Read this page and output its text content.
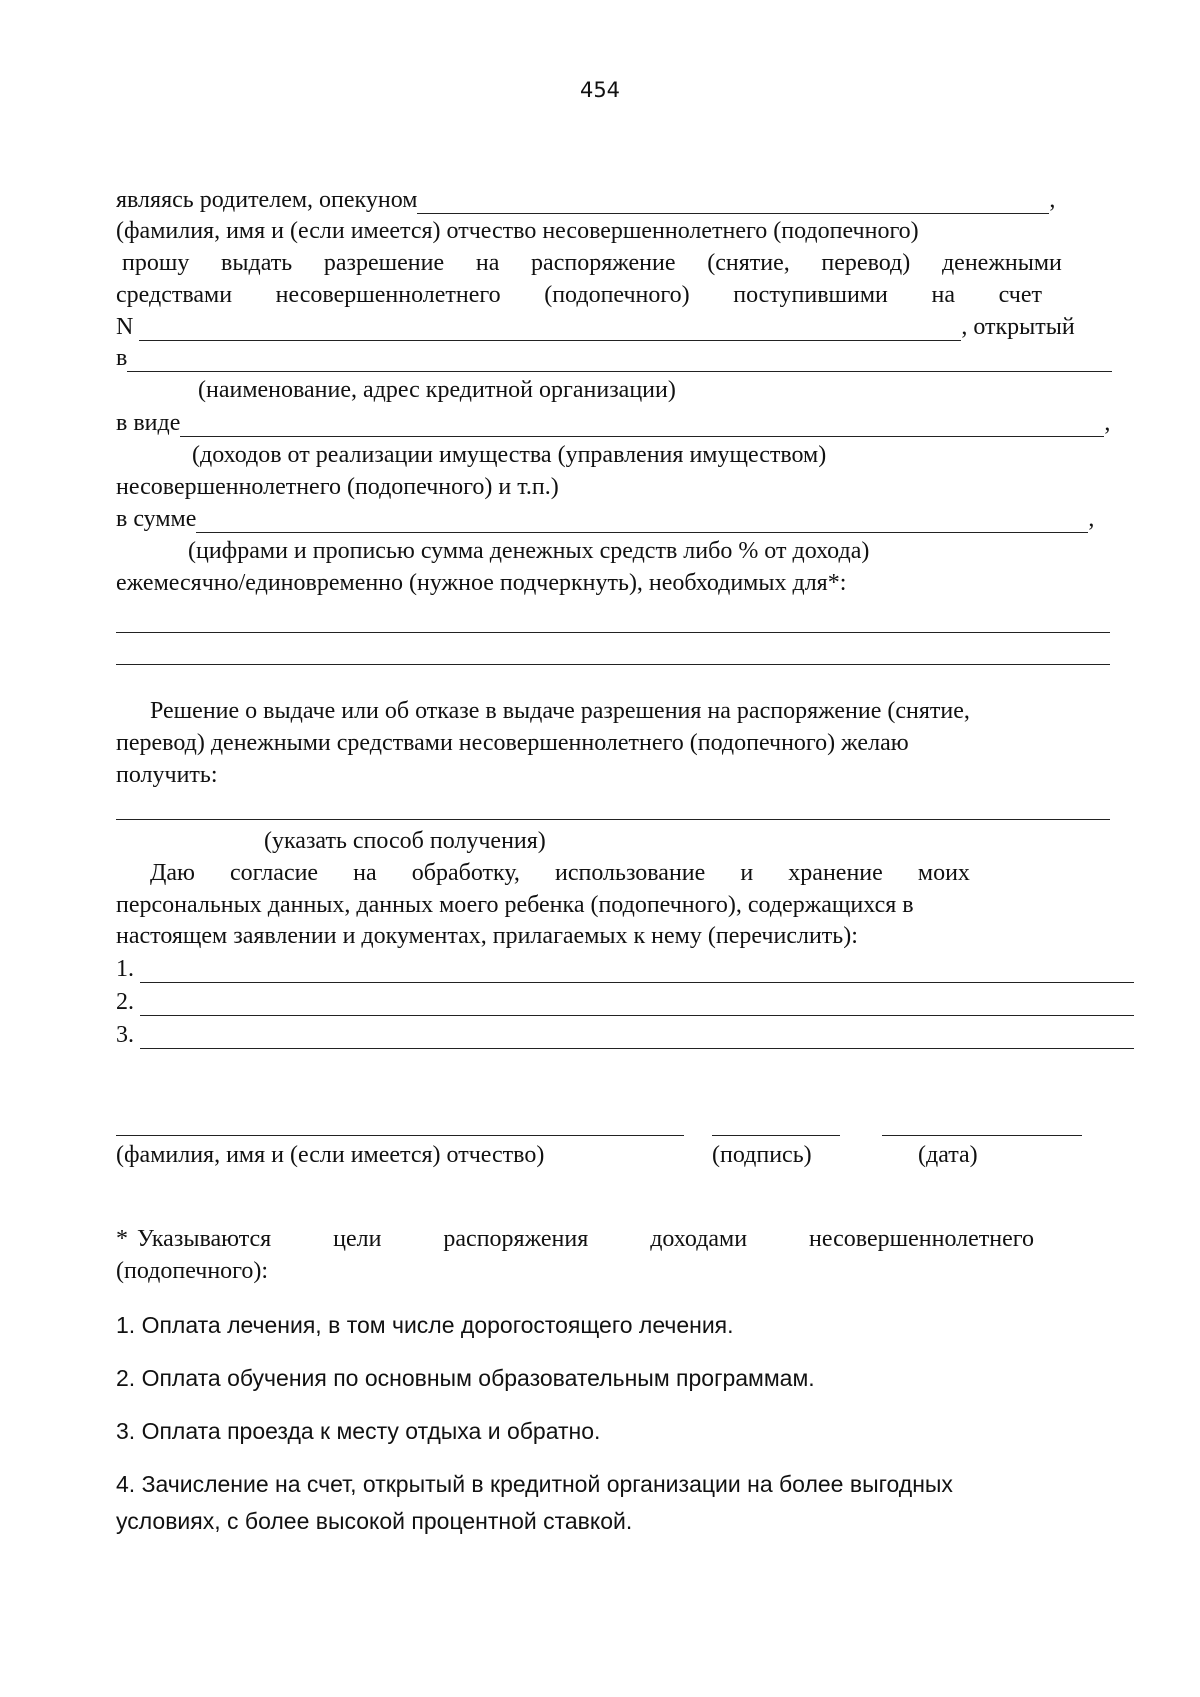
454
являясь родителем, опекуном	,
(фамилия, имя и (если имеется) отчество несовершеннолетнего (подопечного)
прошу выдать разрешение на распоряжение (снятие, перевод) денежными
средствами несовершеннолетнего (подопечного) поступившими на счет
N	, открытый
в
(наименование, адрес кредитной организации)
в виде	,
(доходов от реализации имущества (управления имуществом)
несовершеннолетнего (подопечного) и т.п.)
в сумме	,
(цифрами и прописью сумма денежных средств либо % от дохода)
ежемесячно/единовременно (нужное подчеркнуть), необходимых для*:
Решение о выдаче или об отказе в выдаче разрешения на распоряжение (снятие,
перевод) денежными средствами несовершеннолетнего (подопечного) желаю
получить:
(указать способ получения)
Даю согласие на обработку, использование и хранение моих
персональных данных, данных моего ребенка (подопечного), содержащихся в
настоящем заявлении и документах, прилагаемых к нему (перечислить):
1.
2.
3.
(фамилия, имя и (если имеется) отчество)	(подпись)	(дата)
* Указываются	цели	распоряжения	доходами	несовершеннолетнего
(подопечного):
1. Оплата лечения, в том числе дорогостоящего лечения.
2. Оплата обучения по основным образовательным программам.
3. Оплата проезда к месту отдыха и обратно.
4. Зачисление на счет, открытый в кредитной организации на более выгодных
условиях, с более высокой процентной ставкой.
